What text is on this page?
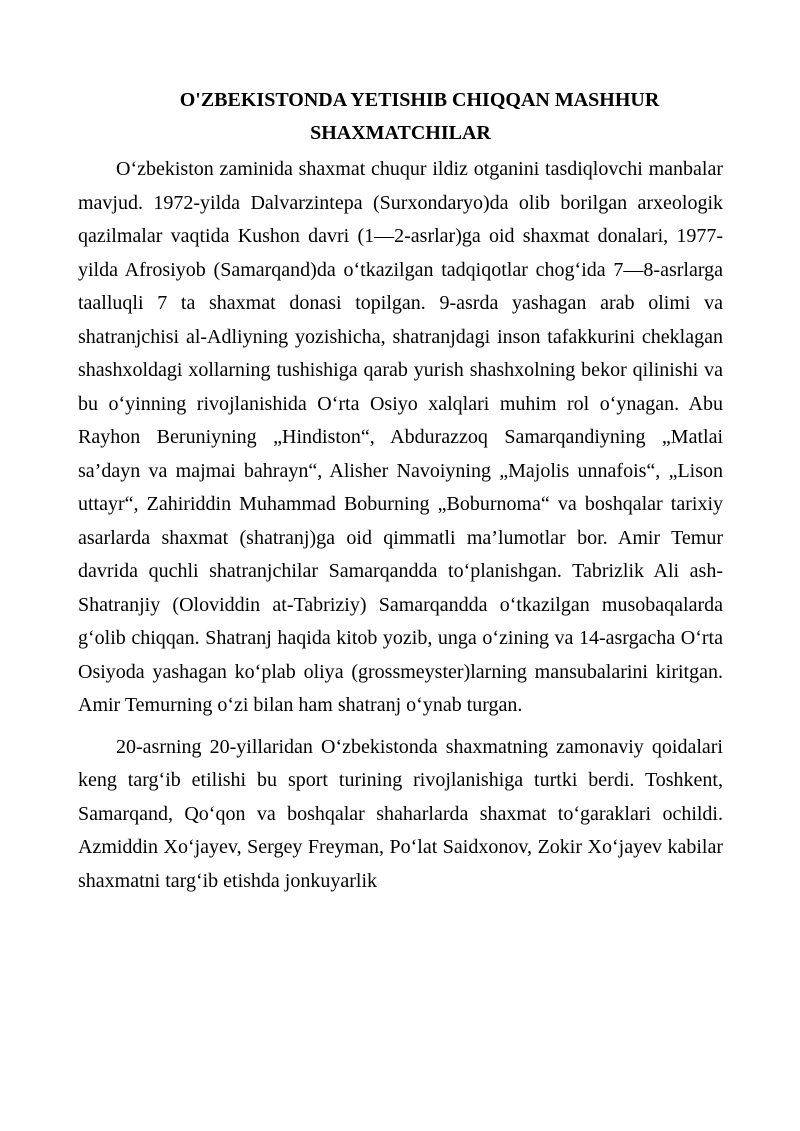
O'ZBEKISTONDA YETISHIB CHIQQAN MASHHUR
SHAXMATCHILAR

O‘zbekiston zaminida shaxmat chuqur ildiz otganini tasdiqlovchi manbalar mavjud. 1972-yilda Dalvarzintepa (Surxondaryo)da olib borilgan arxeologik qazilmalar vaqtida Kushon davri (1—2-asrlar)ga oid shaxmat donalari, 1977-yilda Afrosiyob (Samarqand)da o‘tkazilgan tadqiqotlar chog‘ida 7—8-asrlarga taalluqli 7 ta shaxmat donasi topilgan. 9-asrda yashagan arab olimi va shatranjchisi al-Adliyning yozishicha, shatranjdagi inson tafakkurini cheklagan shashxoldagi xollarning tushishiga qarab yurish shashxolning bekor qilinishi va bu o‘yinning rivojlanishida O‘rta Osiyo xalqlari muhim rol o‘ynagan. Abu Rayhon Beruniyning „Hindiston“, Abdurazzoq Samarqandiyning „Matlai sa’dayn va majmai bahrayn“, Alisher Navoiyning „Majolis unnafois“, „Lison uttayr“, Zahiriddin Muhammad Boburning „Boburnoma“ va boshqalar tarixiy asarlarda shaxmat (shatranj)ga oid qimmatli ma’lumotlar bor. Amir Temur davrida quchli shatranjchilar Samarqandda to‘planishgan. Tabrizlik Ali ash-Shatranjiy (Oloviddin at-Tabriziy) Samarqandda o‘tkazilgan musobaqalarda g‘olib chiqqan. Shatranj haqida kitob yozib, unga o‘zining va 14-asrgacha O‘rta Osiyoda yashagan ko‘plab oliya (grossmeyster)larning mansubalarini kiritgan. Amir Temurning o‘zi bilan ham shatranj o‘ynab turgan.

20-asrning 20-yillaridan O‘zbekistonda shaxmatning zamonaviy qoidalari keng targ‘ib etilishi bu sport turining rivojlanishiga turtki berdi. Toshkent, Samarqand, Qo‘qon va boshqalar shaharlarda shaxmat to‘garaklari ochildi. Azmiddin Xo‘jayev, Sergey Freyman, Po‘lat Saidxonov, Zokir Xo‘jayev kabilar shaxmatni targ‘ib etishda jonkuyarlik
